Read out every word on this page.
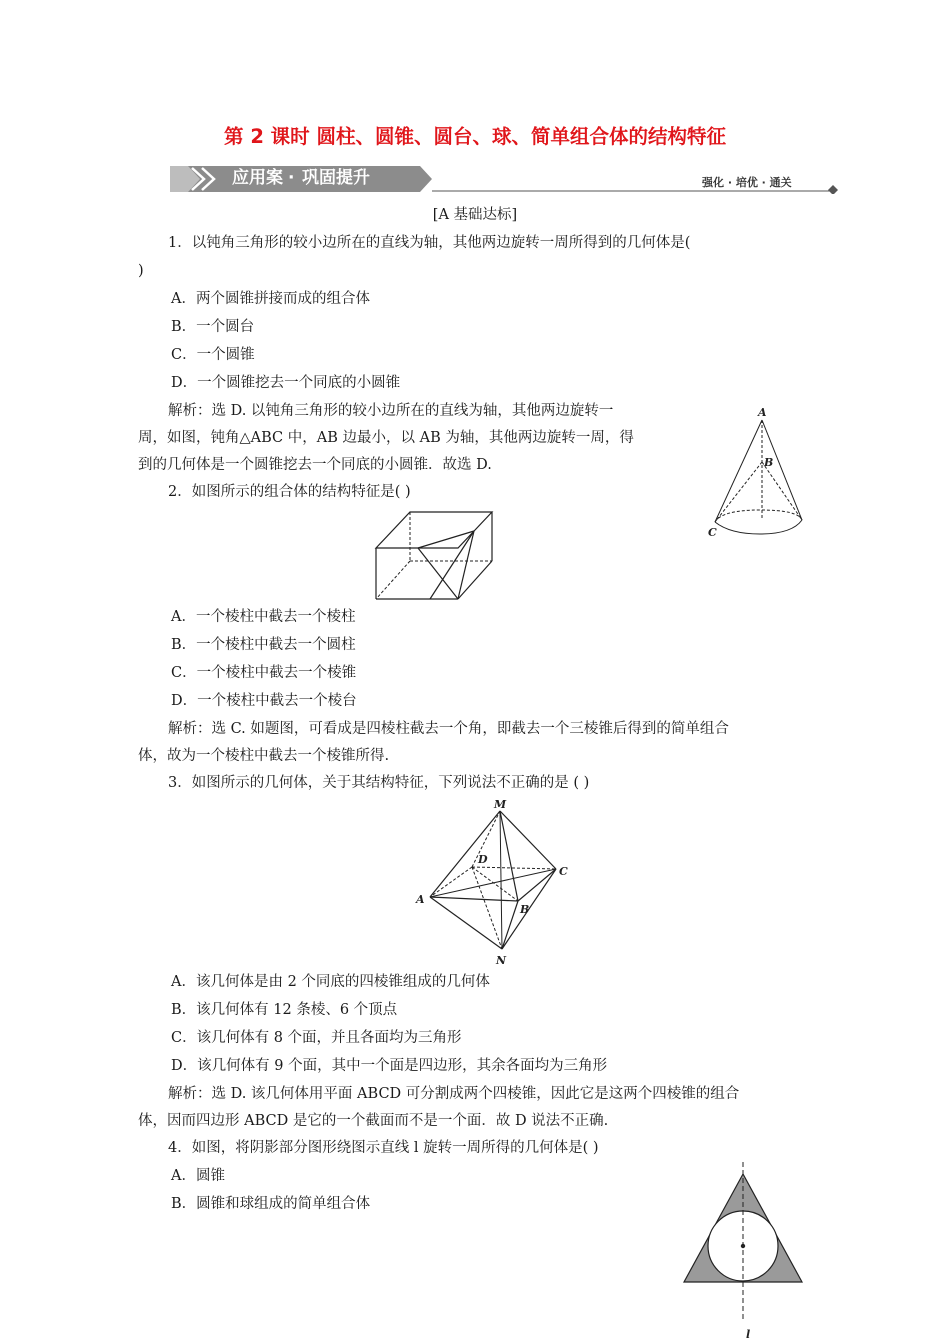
第 2 课时 圆柱、圆锥、圆台、球、简单组合体的结构特征
应用案 · 巩固提升	强化 · 培优 · 通关
[A 基础达标]
1．以钝角三角形的较小边所在的直线为轴，其他两边旋转一周所得到的几何体是(
)
A．两个圆锥拼接而成的组合体
B．一个圆台
C．一个圆锥
D．一个圆锥挖去一个同底的小圆锥
解析：选 D. 以钝角三角形的较小边所在的直线为轴，其他两边旋转一
周，如图，钝角△ABC 中，AB 边最小，以 AB 为轴，其他两边旋转一周，得
到的几何体是一个圆锥挖去一个同底的小圆锥．故选 D.
A
B
C
2．如图所示的组合体的结构特征是( )
A．一个棱柱中截去一个棱柱
B．一个棱柱中截去一个圆柱
C．一个棱柱中截去一个棱锥
D．一个棱柱中截去一个棱台
解析：选 C. 如题图，可看成是四棱柱截去一个角，即截去一个三棱锥后得到的简单组合
体，故为一个棱柱中截去一个棱锥所得.
3．如图所示的几何体，关于其结构特征，下列说法不正确的是 ( )
M
D
C
A
B
N
A．该几何体是由 2 个同底的四棱锥组成的几何体
B．该几何体有 12 条棱、6 个顶点
C．该几何体有 8 个面，并且各面均为三角形
D．该几何体有 9 个面，其中一个面是四边形，其余各面均为三角形
解析：选 D. 该几何体用平面 ABCD 可分割成两个四棱锥，因此它是这两个四棱锥的组合
体，因而四边形 ABCD 是它的一个截面而不是一个面．故 D 说法不正确.
4．如图，将阴影部分图形绕图示直线 l 旋转一周所得的几何体是( )
A．圆锥
B．圆锥和球组成的简单组合体
l
